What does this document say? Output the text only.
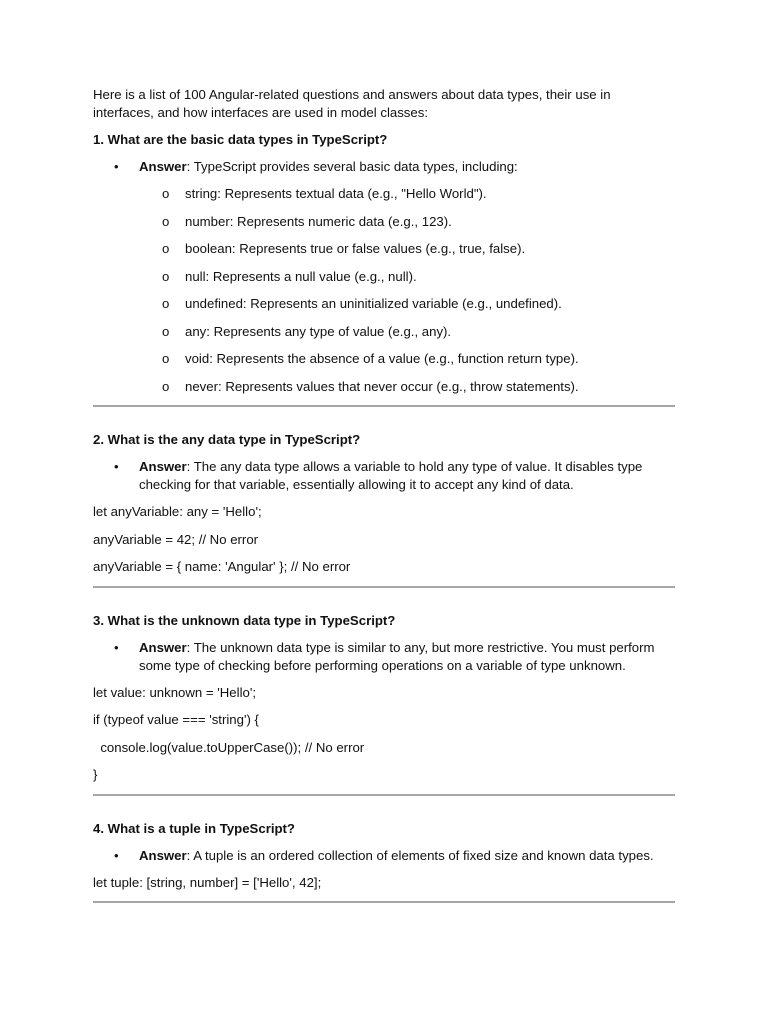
Here is a list of 100 Angular-related questions and answers about data types, their use in interfaces, and how interfaces are used in model classes:

1. What are the basic data types in TypeScript?

• Answer: TypeScript provides several basic data types, including:
o string: Represents textual data (e.g., "Hello World").
o number: Represents numeric data (e.g., 123).
o boolean: Represents true or false values (e.g., true, false).
o null: Represents a null value (e.g., null).
o undefined: Represents an uninitialized variable (e.g., undefined).
o any: Represents any type of value (e.g., any).
o void: Represents the absence of a value (e.g., function return type).
o never: Represents values that never occur (e.g., throw statements).

2. What is the any data type in TypeScript?

• Answer: The any data type allows a variable to hold any type of value. It disables type checking for that variable, essentially allowing it to accept any kind of data.

let anyVariable: any = 'Hello';

anyVariable = 42; // No error

anyVariable = { name: 'Angular' }; // No error

3. What is the unknown data type in TypeScript?

• Answer: The unknown data type is similar to any, but more restrictive. You must perform some type of checking before performing operations on a variable of type unknown.

let value: unknown = 'Hello';

if (typeof value === 'string') {

console.log(value.toUpperCase()); // No error

}

4. What is a tuple in TypeScript?

• Answer: A tuple is an ordered collection of elements of fixed size and known data types.

let tuple: [string, number] = ['Hello', 42];
